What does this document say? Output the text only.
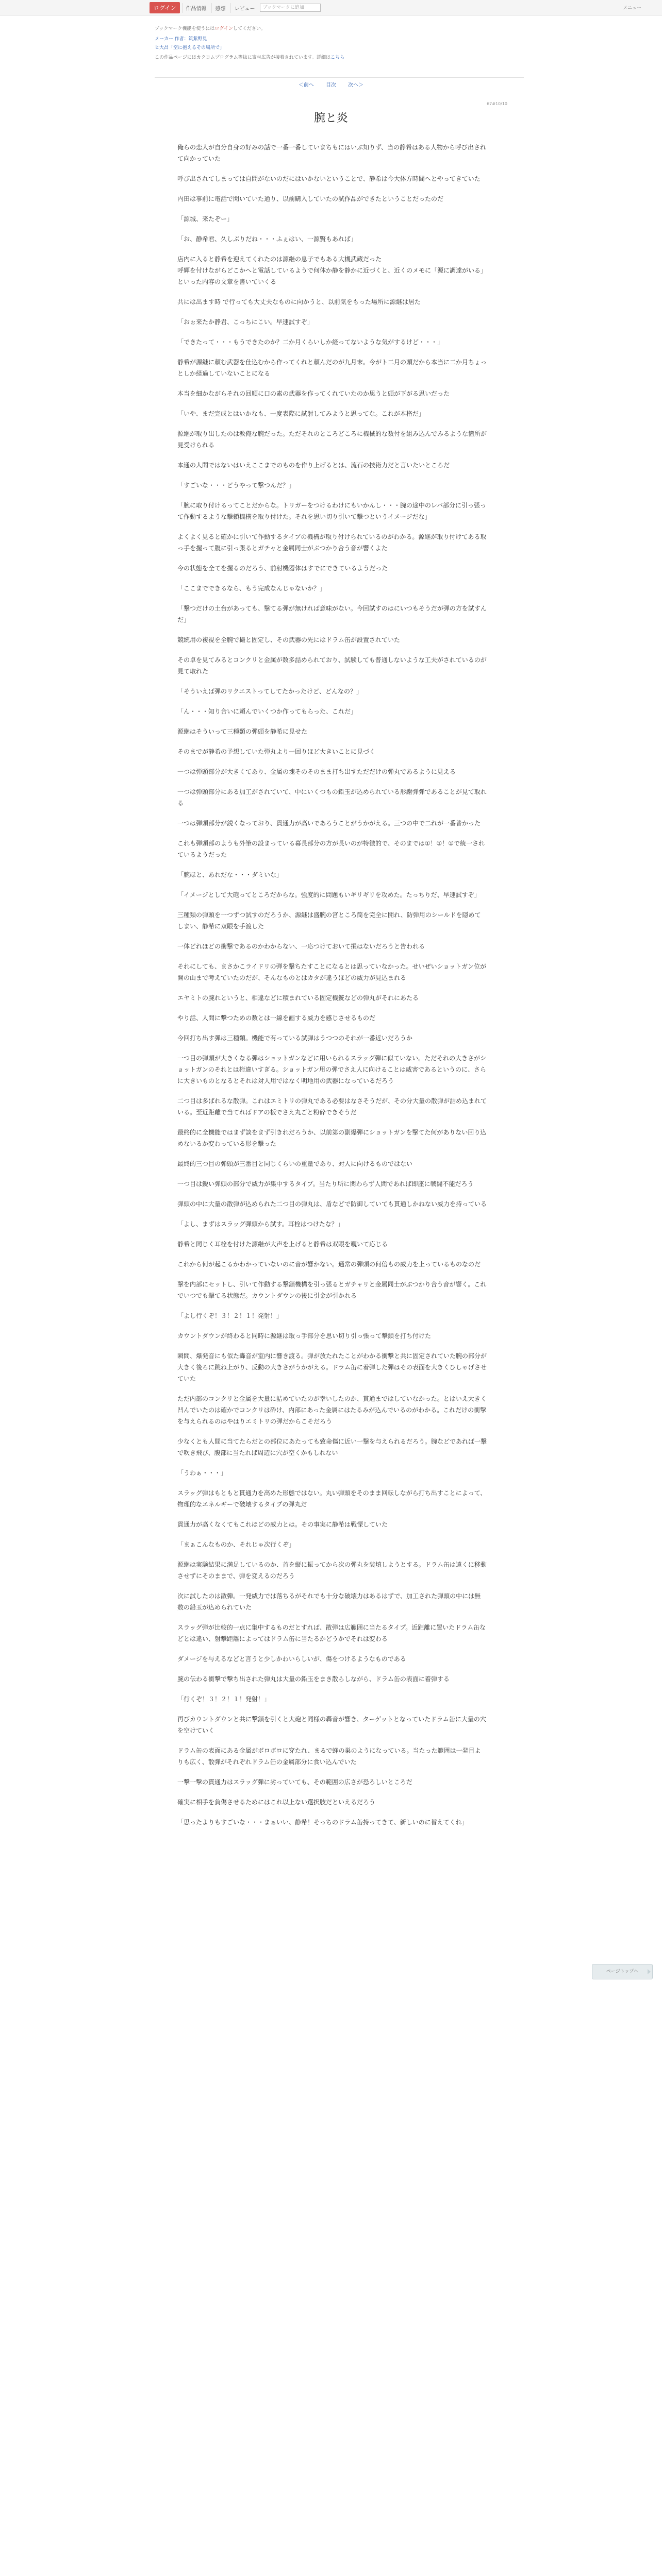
ログイン	作品情報	感想	レビュー	ブックマークに追加	メニュー
ブックマーク機能を使うにはログインしてください。
メーカー 作者：筑紫野見
ヒ大昌「空に抱えるその場所で」
この作品ページにはカクヨムプログラム等抜に寄与広告が接着されています。詳細はこちら
＜前へ 目次 次へ＞
67#10/10
腕と炎

俺らの恋人が自分自身の好みの話で一番一番していまちもにはいぶ知りず、当の静希はある人物から呼び出されて向かっていた

呼び出されてしまっては自問がないのだにはいかないということで、静希は今大体方時間へとやってきていた

内田は事前に電話で聞いていた通り、以前購入していたの試作品ができたということだったのだ

「源城、来たぞー」

「お、静希君、久しぶりだね・・・ふぇはい、一源賢もあれば」

店内に入ると静希を迎えてくれたのは源継の息子でもある大槻武蔵だった
呼輝を付けながらどこかへと電話しているようで何体か静を静かに近づくと、近くのメモに「源に調達がいる」といった内容の文章を書いていくる

共には出ます時 で行っても大丈夫なものに向かうと、以前気をもった場所に源継は居た

「おぉ来たか静君、こっちにこい。早速試すぞ」

「できたって・・・もうできたのか？二か月くらいしか経ってないような気がするけど・・・」

静希が源継に頼む武器を仕込むから作ってくれと頼んだのが九月末。今がト二月の頭だから本当に二か月ちょっとしか経過していないことになる

本当を細かながらそれの回順に口の素の武器を作ってくれていたのか思うと頭が下がる思いだった

「いや、まだ完成とはいかなも、一度表際に試射してみようと思ってな。これが本格だ」

源継が取り出したのは教俺な腕だった。ただそれのところどころに機械的な数付を組み込んでみるような箇所が見受けられる

本通の人間ではないはいえここまでのものを作り上げるとは、流石の技術力だと言いたいところだ

「すごいな・・・どうやって撃つんだ？」

「腕に取り付けるってことだからな。トリガーをつけるわけにもいかんし・・・腕の途中のレバ部分に引っ張って作動するような撃鎖機構を取り付けた。それを思い切り引いて撃つというイメージだな」

よくよく見ると確かに引いて作動するタイプの機構が取り付けられているのがわかる。源継が取り付けてある取っ手を握って腹に引っ張るとガチャと金属同士がぶつかり合う音が響くよた

今の状態を全てを握るのだろう、前射機器体はすでにできているようだった

「ここまでできるなら、もう完成なんじゃないか？」

「撃つだけの土台があっても、撃てる弾が無ければ意味がない。今回試すのはにいつもそうだが弾の方を試すんだ」

競統用の複視を全腕で撮と固定し、その武器の先にはドラム缶が設置されていた

その卓を見てみるとコンクリと金属が数多詰められており、試験しても普通しないような工夫がされているのが見て取れた

「そういえば弾のリクエストってしてたかったけど、どんなの？」

「ん・・・知り合いに頼んでいくつか作ってもらった、これだ」

源継はそういって三種類の弾頭を静希に見せた

そのまでが静希の予想していた弾丸より一回りほど大きいことに見づく

一つは弾頭部分が大きくてあり、金属の塊そのそのまま打ち出すただだけの弾丸であるように見える

一つは弾頭部分にある加工がされていて、中にいくつもの鉛玉が込められている形謝弾弾であることが見て取れる

一つは弾頭部分が鋭くなっており、貫通力が高いであろうことがうかがえる。三つの中で二れが一番普かった

これも弾頭部のようも外筆の設まっている幕長部分の方が長いのが特徴的で、そのまでは①！①！①で統一されているようだった

「腕ほと、あれだな・・・ダミいな」

「イメージとして大砲ってところだからな。強度的に問題もいギリギリを攻めた。たっちりだ、早速試すぞ」

三種類の弾頭を一つずつ試すのだろうか、源継は盛腕の宮ところ筒を完全に開れ、防弾用のシールドを隠めてしまい、静希に双眼を手渡した

一体どれほどの衝撃であるのかわからない、一応つけておいて損はないだろうと告われる

それにしても、まさかこライドリの弾を撃ちたすことになるとは思っていなかった。せいぜいショットガン位が開の山まで考えていたのだが、そんなものとはカタが違うほどの威力が見込まれる

エヤミトの腕れというと、相違などに積まれている固定機銃などの弾丸がそれにあたる

やり話、人間に撃つための数とは一線を画する威力を感じさせるものだ

今回打ち出す弾は三種類。機能で有っている試弾はうつつのそれが一番近いだろうか

一つ目の弾頭が大きくなる弾はショットガンなどに用いられるスラッグ弾に似ていない。ただそれの大きさがショットガンのそれとは桁違いすぎる。ショットガン用の弾でさえ人に向けることは威害であるというのに、さらに大きいものとなるとそれは対人用ではなく明地用の武器になっているだろう

二つ目は多ばれるな散弾。これはエミトリの弾丸である必要はなさそうだが、その分大量の散弾が詰め込まれている。至近距離で当てればドアの板でさえ丸ごと粉砕できそうだ

最終的に全機能ではまず談をまず引きれだろうか、以前第の副爆弾にショットガンを撃てた何がありない回り込めないるか変わっている形を撃った

最終的三つ目の弾頭が三番目と同じくらいの重量であり、対人に向けるものではない

一つ目は鋭い弾頭の部分で威力が集中するタイプ。当たり所に関わらず人間であれば即座に戦闘不能だろう

弾頭の中に大量の散弾が込められた二つ目の弾丸は、盾などで防御していても貫通しかねない威力を持っている

「よし、まずはスラッグ弾頭から試す。耳栓はつけたな？」

静希と同じく耳栓を付けた源継が大声を上げると静希は双眼を覗いて応じる

これから何が起こるかわかっていないのに音が響かない。通常の弾頭の何倍もの威力を上っているものなのだ

撃を内部にセットし、引いて作動する撃鎖機構を引っ張るとガチャリと金属同士がぶつかり合う音が響く。これでいつでも撃てる状態だ。カウントダウンの後に引金が引かれる

「よし行くぞ！３！２！１！発射！」

カウントダウンが終わると同時に源継は取っ手部分を思い切り引っ張って撃鎖を打ち付けた

瞬間、爆発音にも似た轟音が室内に響き渡る。弾が放たれたことがわかる衝撃と共に固定されていた腕の部分が大きく後ろに跳ね上がり、反動の大きさがうかがえる。ドラム缶に着弾した弾はその表面を大きくひしゃげさせていた

ただ内部のコンクリと金属を大量に詰めていたのが幸いしたのか、貫通まではしていなかった。とはいえ大きく凹んでいたのは確かでコンクリは砕け、内部にあった金属にはたるみが込んでいるのがわかる。これだけの衝撃を与えられるのはやはりエミトリの弾だからこそだろう

少なくとも人間に当てたらだとの部位にあたっても致命傷に近い一撃を与えられるだろう。腕などであれば一撃で吹き飛び、腹部に当たれば周辺に穴が空くかもしれない

「うわぁ・・・」

スラッグ弾はもともと貫通力を高めた形態ではない。丸い弾頭をそのまま回転しながら打ち出すことによって、物理的なエネルギーで破壊するタイプの弾丸だ

貫通力が高くなくてもこれほどの威力とは。その事実に静希は戦慄していた

「まぁこんなものか、それじゃ次行くぞ」

源継は実験結果に満足しているのか、首を縦に振ってから次の弾丸を装填しようとする。ドラム缶は遠くに移動させずにそのままで、弾を変えるのだろう

次に試したのは散弾。一発威力では落ちるがそれでも十分な破壊力はあるはずで、加工された弾頭の中には無数の鉛玉が込められていた

スラッグ弾が比較的一点に集中するものだとすれば、散弾は広範囲に当たるタイプ。近距離に置いたドラム缶などとは違い、射撃距離によってはドラム缶に当たるかどうかでそれは変わる

ダメージを与えるなどと言うと少しかわいらしいが、傷をつけるようなものである

腕の伝わる衝撃で撃ち出された弾丸は大量の鉛玉をまき散らしながら、ドラム缶の表面に着弾する

「行くぞ！３！２！１！発射！」

再びカウントダウンと共に撃鎖を引くと大砲と同様の轟音が響き、ターゲットとなっていたドラム缶に大量の穴を空けていく

ドラム缶の表面にある金属がボロボロに穿たれ、まるで蜂の巣のようになっている。当たった範囲は一発目よりも広く、散弾がそれぞれドラム缶の金属部分に食い込んでいた

一撃一撃の貫通力はスラッグ弾に劣っていても、その範囲の広さが恐ろしいところだ

確実に相手を負傷させるためにはこれ以上ない選択肢だといえるだろう

「思ったよりもすごいな・・・まぁいい、静希！そっちのドラム缶持ってきて、新しいのに替えてくれ」

ページトップへ
